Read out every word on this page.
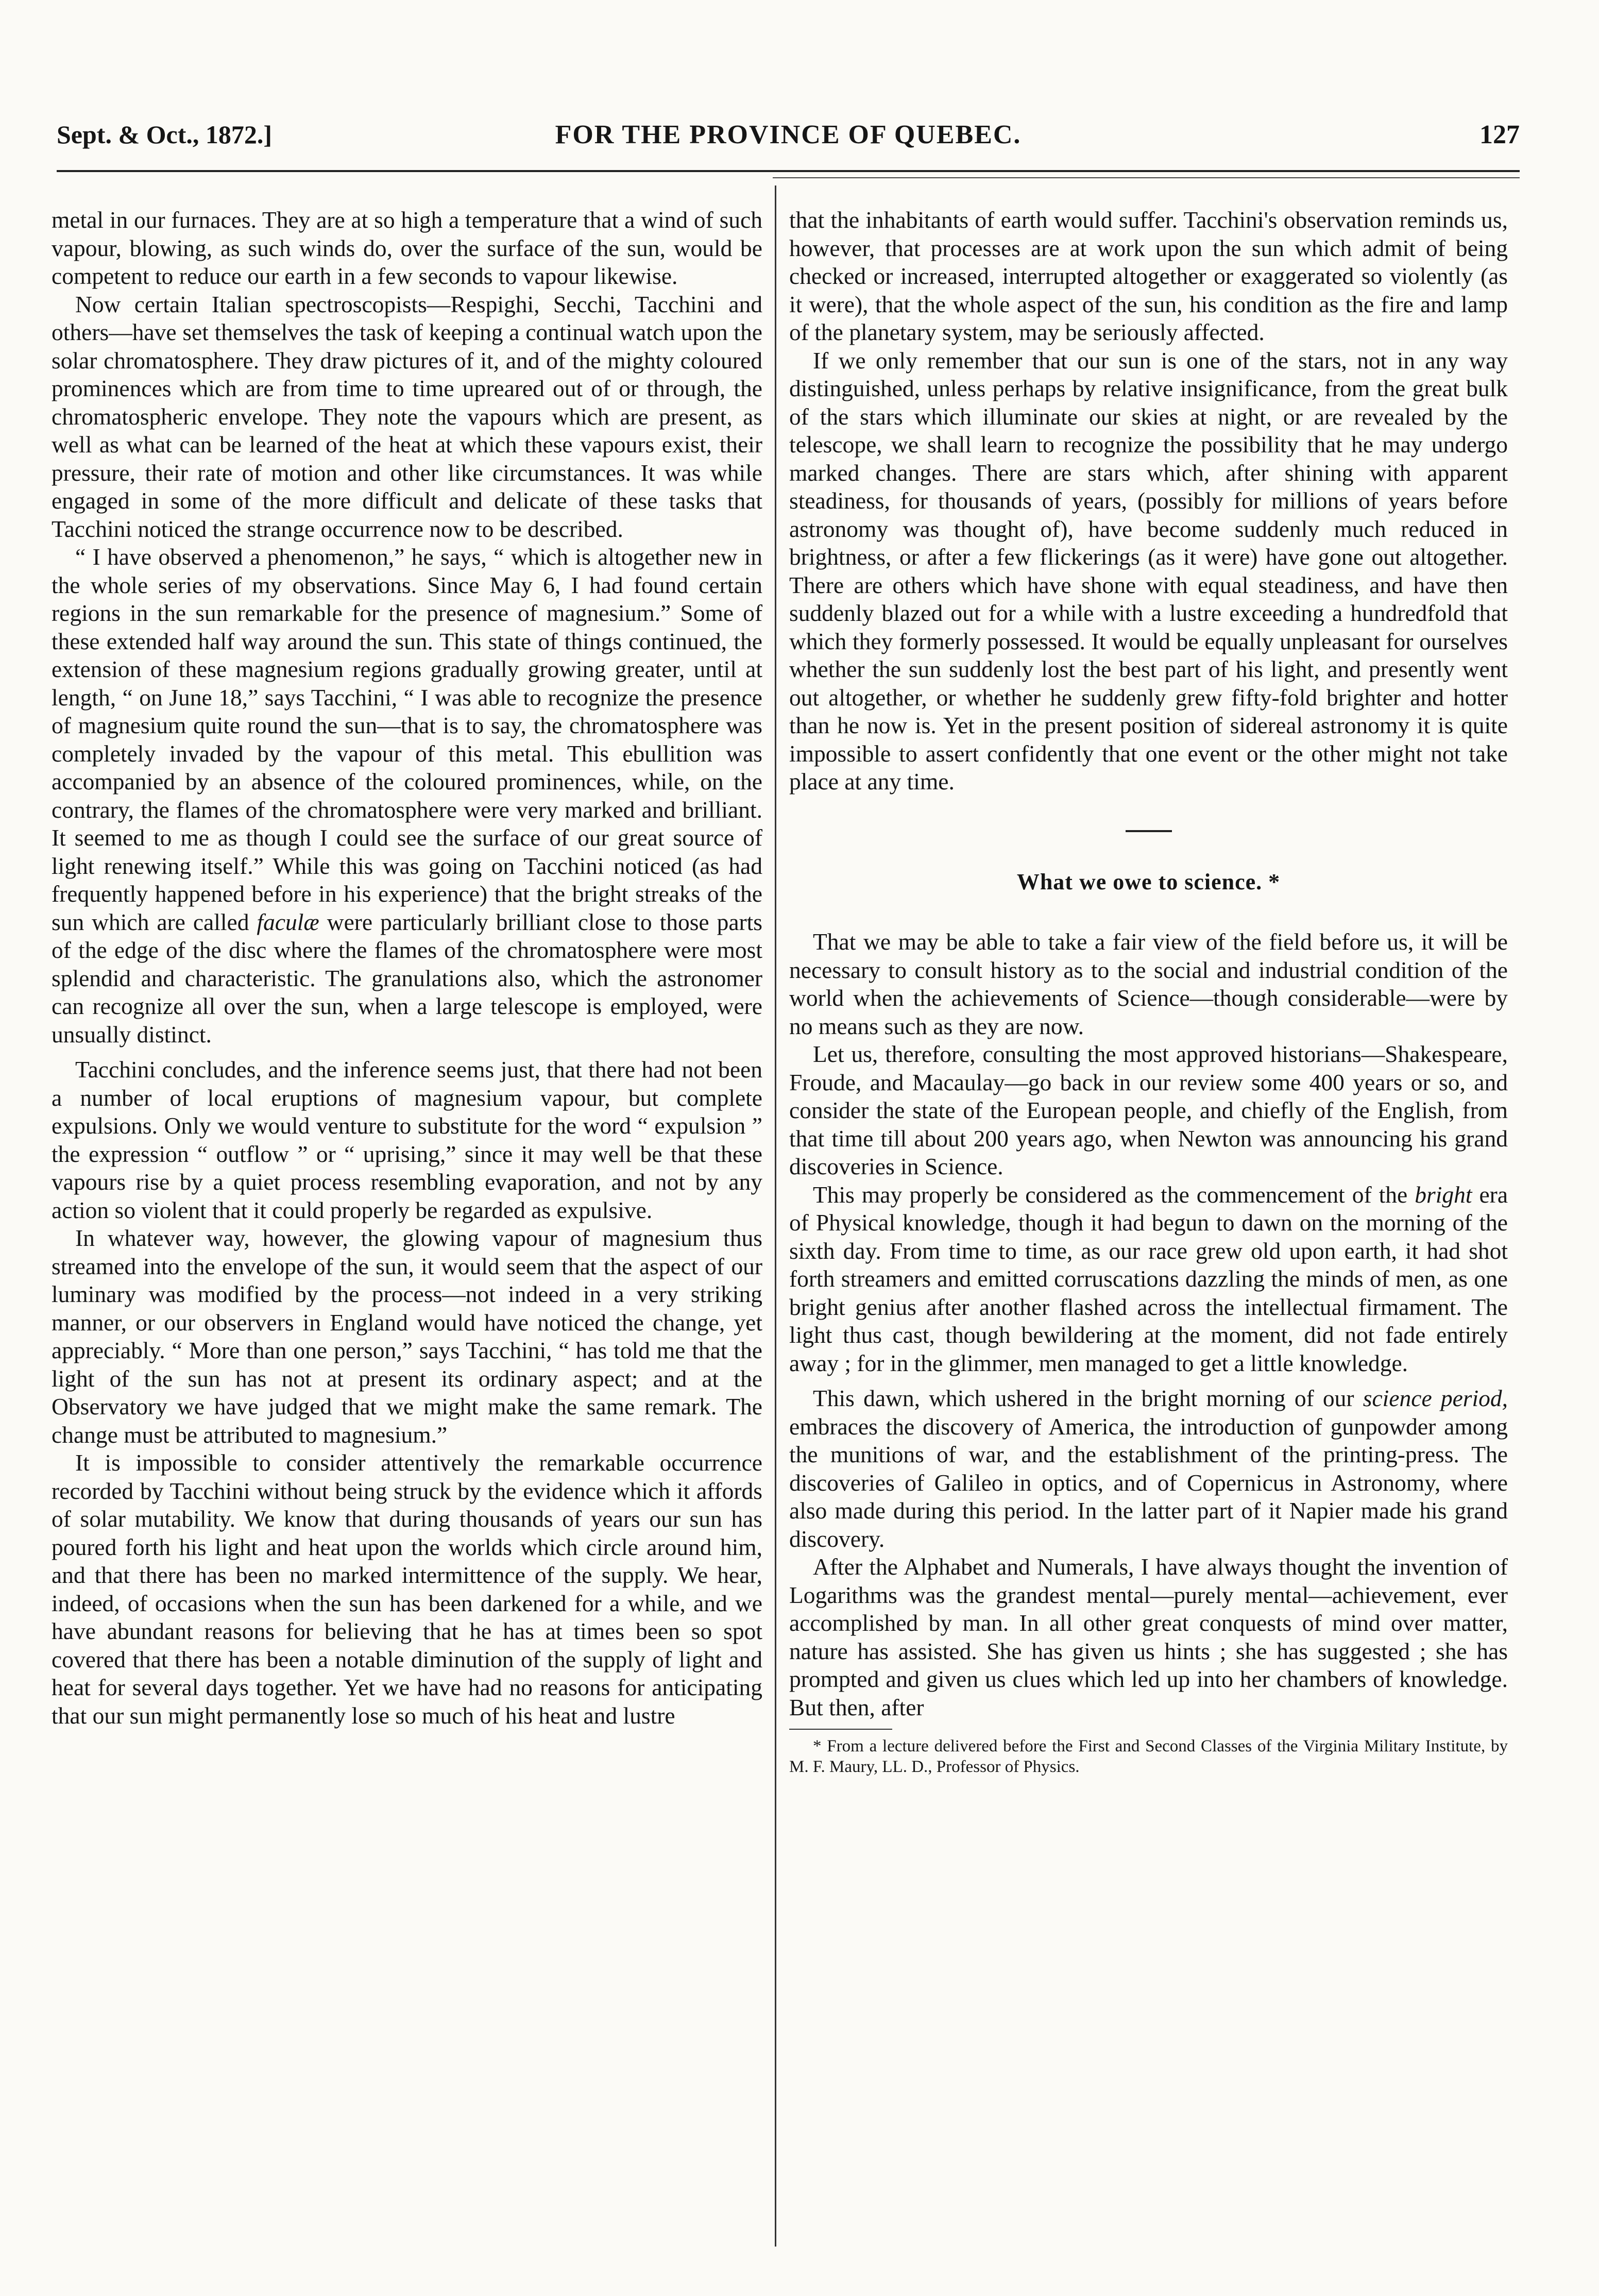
Sept. & Oct., 1872.]	FOR THE PROVINCE OF QUEBEC.	127

metal in our furnaces. They are at so high a temperature that a wind of such vapour, blowing, as such winds do, over the surface of the sun, would be competent to reduce our earth in a few seconds to vapour likewise.

Now certain Italian spectroscopists—Respighi, Secchi, Tacchini and others—have set themselves the task of keeping a continual watch upon the solar chromatosphere. They draw pictures of it, and of the mighty coloured prominences which are from time to time upreared out of or through, the chromatospheric envelope. They note the vapours which are present, as well as what can be learned of the heat at which these vapours exist, their pressure, their rate of motion and other like circumstances. It was while engaged in some of the more difficult and delicate of these tasks that Tacchini noticed the strange occurrence now to be described.

“ I have observed a phenomenon,” he says, “ which is altogether new in the whole series of my observations. Since May 6, I had found certain regions in the sun remarkable for the presence of magnesium.” Some of these extended half way around the sun. This state of things continued, the extension of these magnesium regions gradually growing greater, until at length, “ on June 18,” says Tacchini, “ I was able to recognize the presence of magnesium quite round the sun—that is to say, the chromatosphere was completely invaded by the vapour of this metal. This ebullition was accompanied by an absence of the coloured prominences, while, on the contrary, the flames of the chromatosphere were very marked and brilliant. It seemed to me as though I could see the surface of our great source of light renewing itself.” While this was going on Tacchini noticed (as had frequently happened before in his experience) that the bright streaks of the sun which are called faculæ were particularly brilliant close to those parts of the edge of the disc where the flames of the chromatosphere were most splendid and characteristic. The granulations also, which the astronomer can recognize all over the sun, when a large telescope is employed, were unsually distinct.

Tacchini concludes, and the inference seems just, that there had not been a number of local eruptions of magnesium vapour, but complete expulsions. Only we would venture to substitute for the word “ expulsion ” the expression “ outflow ” or “ uprising,” since it may well be that these vapours rise by a quiet process resembling evaporation, and not by any action so violent that it could properly be regarded as expulsive.

In whatever way, however, the glowing vapour of magnesium thus streamed into the envelope of the sun, it would seem that the aspect of our luminary was modified by the process—not indeed in a very striking manner, or our observers in England would have noticed the change, yet appreciably. “ More than one person,” says Tacchini, “ has told me that the light of the sun has not at present its ordinary aspect; and at the Observatory we have judged that we might make the same remark. The change must be attributed to magnesium.”

It is impossible to consider attentively the remarkable occurrence recorded by Tacchini without being struck by the evidence which it affords of solar mutability. We know that during thousands of years our sun has poured forth his light and heat upon the worlds which circle around him, and that there has been no marked intermittence of the supply. We hear, indeed, of occasions when the sun has been darkened for a while, and we have abundant reasons for believing that he has at times been so spot covered that there has been a notable diminution of the supply of light and heat for several days together. Yet we have had no reasons for anticipating that our sun might permanently lose so much of his heat and lustre

that the inhabitants of earth would suffer. Tacchini's observation reminds us, however, that processes are at work upon the sun which admit of being checked or increased, interrupted altogether or exaggerated so violently (as it were), that the whole aspect of the sun, his condition as the fire and lamp of the planetary system, may be seriously affected.

If we only remember that our sun is one of the stars, not in any way distinguished, unless perhaps by relative insignificance, from the great bulk of the stars which illuminate our skies at night, or are revealed by the telescope, we shall learn to recognize the possibility that he may undergo marked changes. There are stars which, after shining with apparent steadiness, for thousands of years, (possibly for millions of years before astronomy was thought of), have become suddenly much reduced in brightness, or after a few flickerings (as it were) have gone out altogether. There are others which have shone with equal steadiness, and have then suddenly blazed out for a while with a lustre exceeding a hundredfold that which they formerly possessed. It would be equally unpleasant for ourselves whether the sun suddenly lost the best part of his light, and presently went out altogether, or whether he suddenly grew fifty-fold brighter and hotter than he now is. Yet in the present position of sidereal astronomy it is quite impossible to assert confidently that one event or the other might not take place at any time.

What we owe to science. *

That we may be able to take a fair view of the field before us, it will be necessary to consult history as to the social and industrial condition of the world when the achievements of Science—though considerable—were by no means such as they are now.

Let us, therefore, consulting the most approved historians—Shakespeare, Froude, and Macaulay—go back in our review some 400 years or so, and consider the state of the European people, and chiefly of the English, from that time till about 200 years ago, when Newton was announcing his grand discoveries in Science.

This may properly be considered as the commencement of the bright era of Physical knowledge, though it had begun to dawn on the morning of the sixth day. From time to time, as our race grew old upon earth, it had shot forth streamers and emitted corruscations dazzling the minds of men, as one bright genius after another flashed across the intellectual firmament. The light thus cast, though bewildering at the moment, did not fade entirely away ; for in the glimmer, men managed to get a little knowledge.

This dawn, which ushered in the bright morning of our science period, embraces the discovery of America, the introduction of gunpowder among the munitions of war, and the establishment of the printing-press. The discoveries of Galileo in optics, and of Copernicus in Astronomy, where also made during this period. In the latter part of it Napier made his grand discovery.

After the Alphabet and Numerals, I have always thought the invention of Logarithms was the grandest mental—purely mental—achievement, ever accomplished by man. In all other great conquests of mind over matter, nature has assisted. She has given us hints ; she has suggested ; she has prompted and given us clues which led up into her chambers of knowledge. But then, after

* From a lecture delivered before the First and Second Classes of the Virginia Military Institute, by M. F. Maury, LL. D., Professor of Physics.
